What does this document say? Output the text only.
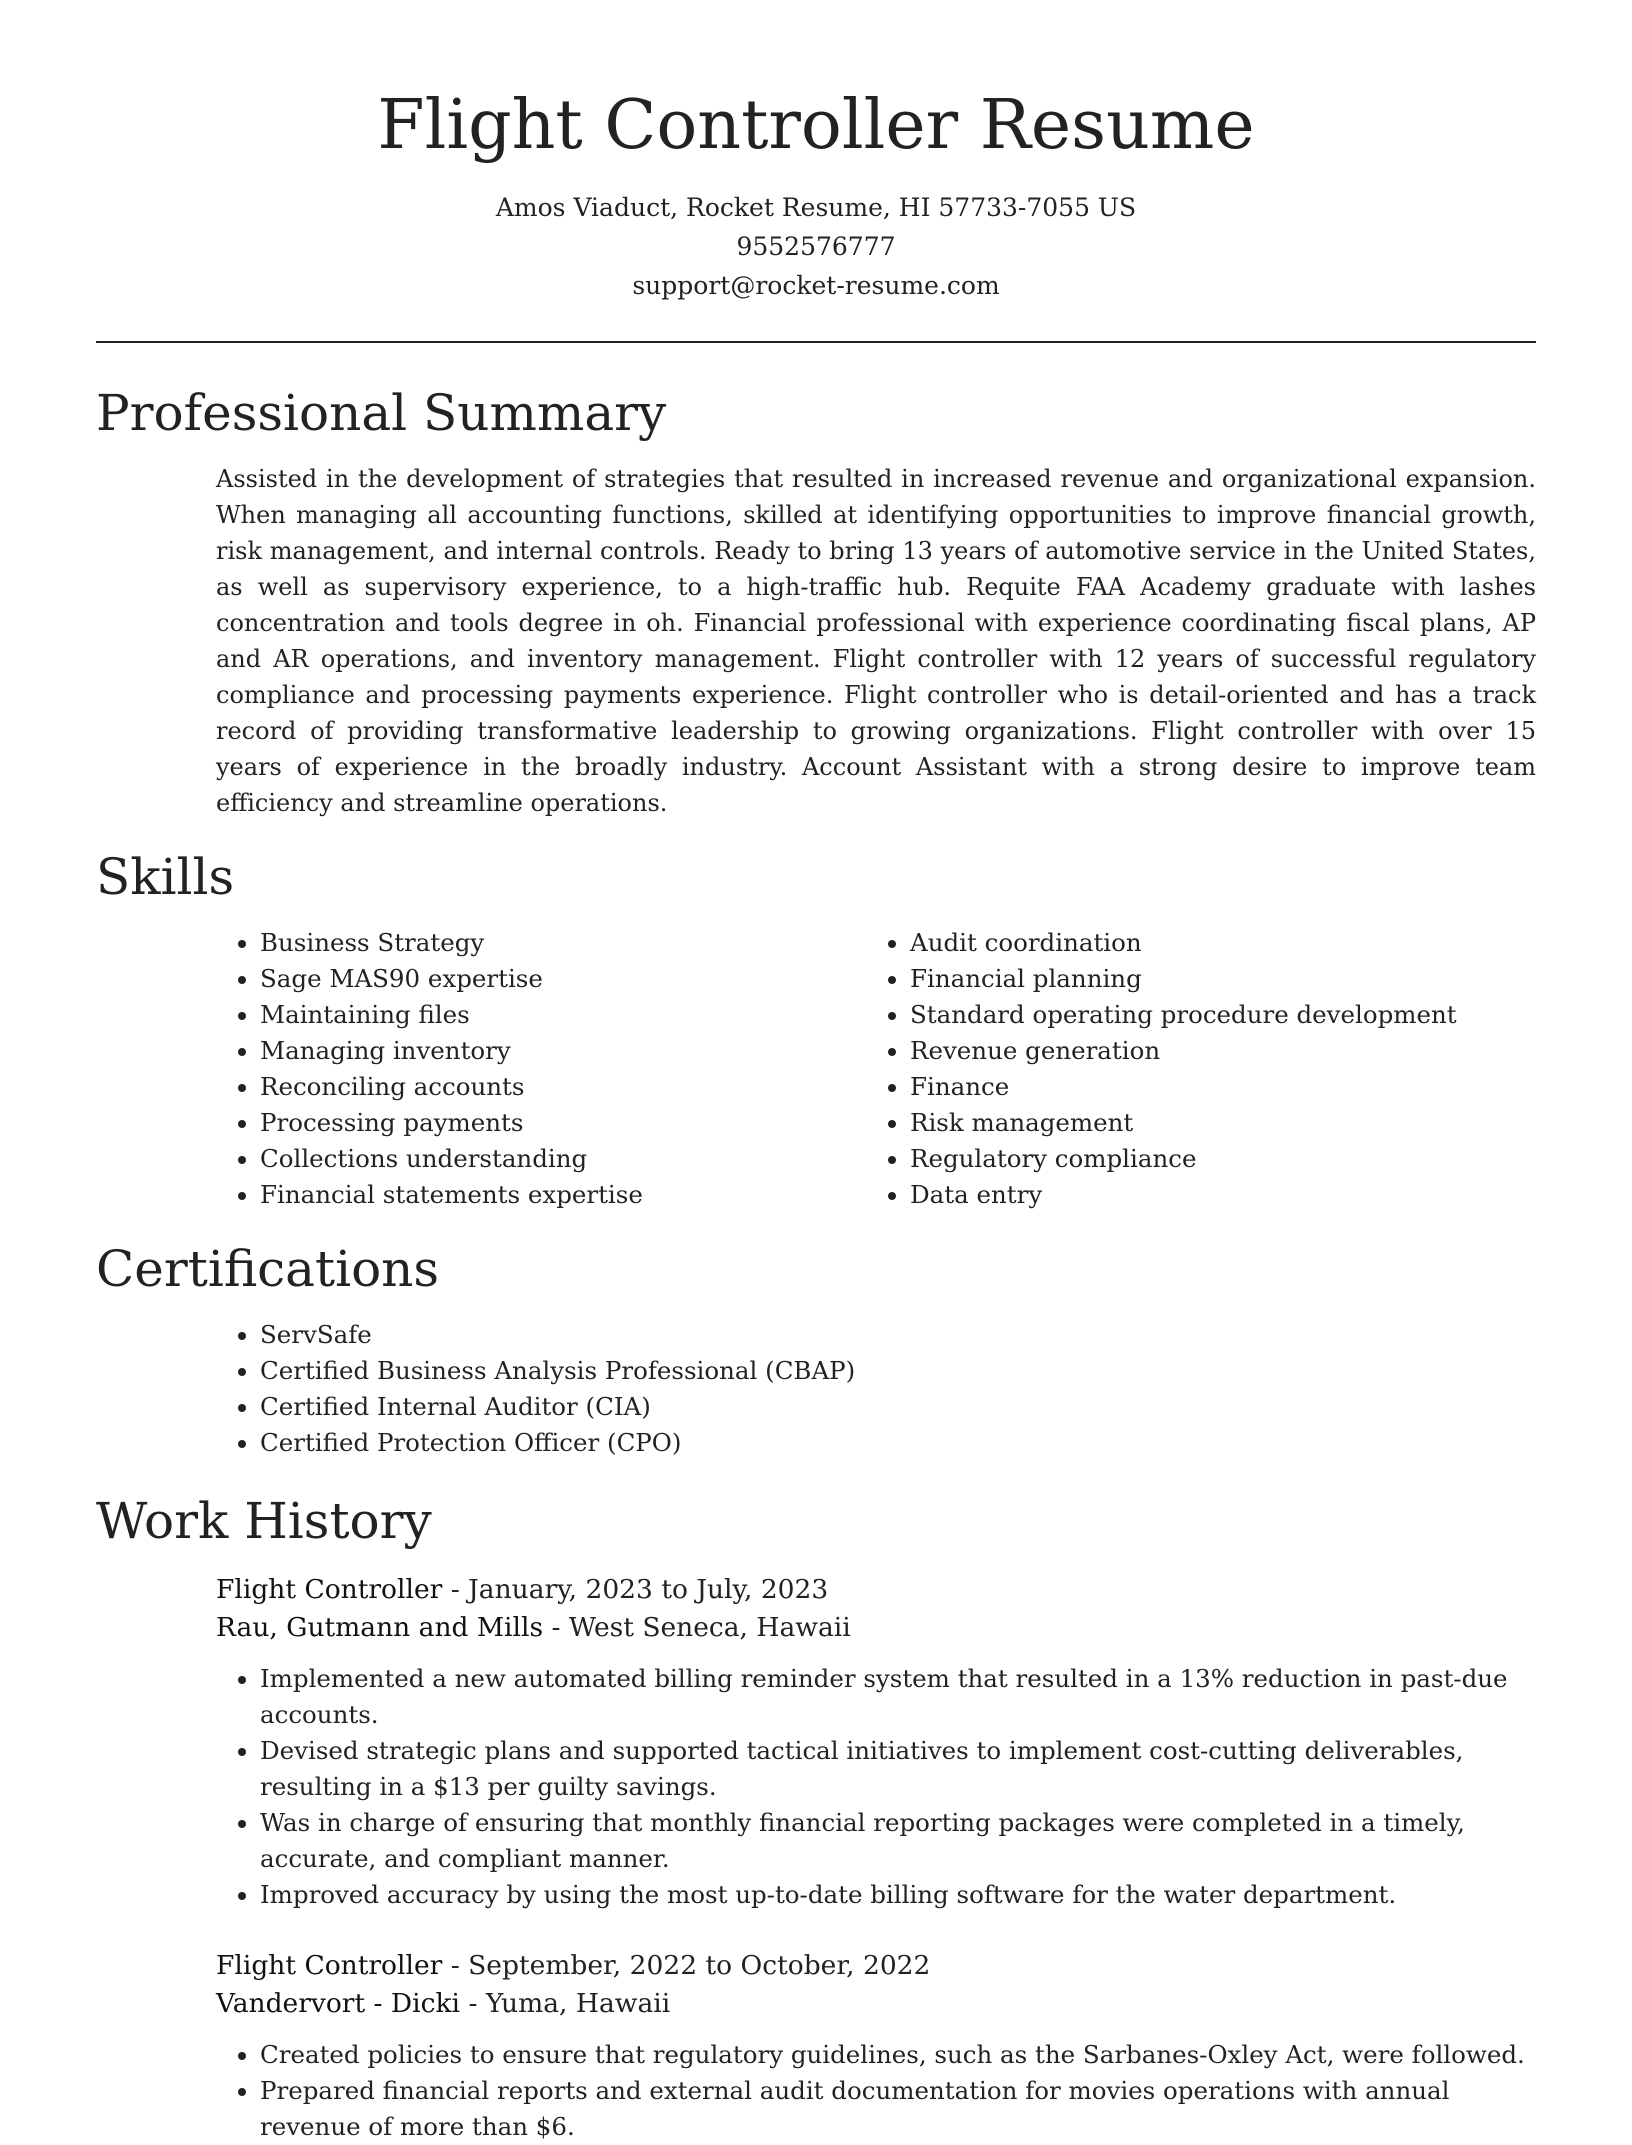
Flight Controller Resume
Amos Viaduct, Rocket Resume, HI 57733-7055 US
9552576777
support@rocket-resume.com
Professional Summary

Assisted in the development of strategies that resulted in increased revenue and organizational expansion. When managing all accounting functions, skilled at identifying opportunities to improve financial growth, risk management, and internal controls. Ready to bring 13 years of automotive service in the United States, as well as supervisory experience, to a high-traffic hub. Requite FAA Academy graduate with lashes concentration and tools degree in oh. Financial professional with experience coordinating fiscal plans, AP and AR operations, and inventory management. Flight controller with 12 years of successful regulatory compliance and processing payments experience. Flight controller who is detail-oriented and has a track record of providing transformative leadership to growing organizations. Flight controller with over 15 years of experience in the broadly industry. Account Assistant with a strong desire to improve team efficiency and streamline operations.

Skills
• Business Strategy
• Sage MAS90 expertise
• Maintaining files
• Managing inventory
• Reconciling accounts
• Processing payments
• Collections understanding
• Financial statements expertise
• Audit coordination
• Financial planning
• Standard operating procedure development
• Revenue generation
• Finance
• Risk management
• Regulatory compliance
• Data entry
Certifications
• ServSafe
• Certified Business Analysis Professional (CBAP)
• Certified Internal Auditor (CIA)
• Certified Protection Officer (CPO)
Work History
Flight Controller - January, 2023 to July, 2023
Rau, Gutmann and Mills - West Seneca, Hawaii
• Implemented a new automated billing reminder system that resulted in a 13% reduction in past-due accounts.
• Devised strategic plans and supported tactical initiatives to implement cost-cutting deliverables, resulting in a $13 per guilty savings.
• Was in charge of ensuring that monthly financial reporting packages were completed in a timely, accurate, and compliant manner.
• Improved accuracy by using the most up-to-date billing software for the water department.
Flight Controller - September, 2022 to October, 2022
Vandervort - Dicki - Yuma, Hawaii
• Created policies to ensure that regulatory guidelines, such as the Sarbanes-Oxley Act, were followed.
• Prepared financial reports and external audit documentation for movies operations with annual revenue of more than $6.
